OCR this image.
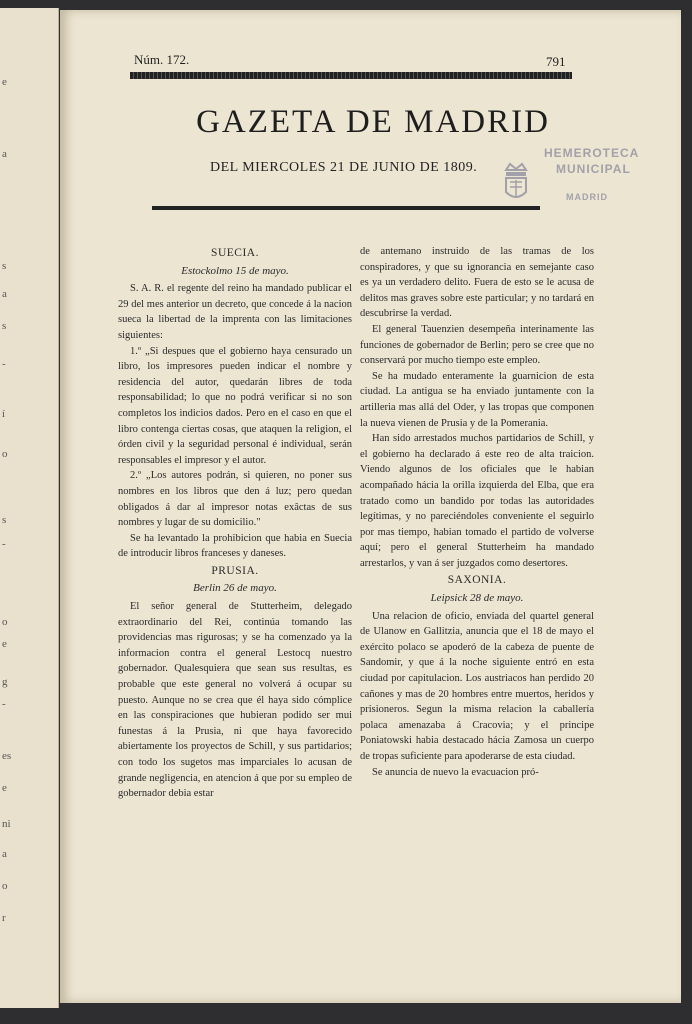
e
a
s
a
s
-
í
o
s
-
o
e
g
-
es
e
ni
a
o
r
Núm. 172.	791
GAZETA DE MADRID
DEL MIERCOLES 21 DE JUNIO DE 1809.
HEMEROTECA
MUNICIPAL
MADRID

SUECIA.

Estockolmo 15 de mayo.

S. A. R. el regente del reino ha mandado publicar el 29 del mes anterior un decreto, que concede á la nacion sueca la libertad de la imprenta con las limitaciones siguientes:

1.º „Si despues que el gobierno haya censurado un libro, los impresores pueden indicar el nombre y residencia del autor, quedarán libres de toda responsabilidad; lo que no podrá verificar si no son completos los indicios dados. Pero en el caso en que el libro contenga ciertas cosas, que ataquen la religion, el órden civil y la seguridad personal é individual, serán responsables el impresor y el autor.

2.º „Los autores podrán, si quieren, no poner sus nombres en los libros que den á luz; pero quedan obligados á dar al impresor notas exâctas de sus nombres y lugar de su domicilio."

Se ha levantado la prohibicion que habia en Suecia de introducir libros franceses y daneses.

PRUSIA.

Berlin 26 de mayo.

El señor general de Stutterheim, delegado extraordinario del Rei, continúa tomando las providencias mas rigurosas; y se ha comenzado ya la informacion contra el general Lestocq nuestro gobernador. Qualesquiera que sean sus resultas, es probable que este general no volverá á ocupar su puesto. Aunque no se crea que él haya sido cómplice en las conspiraciones que hubieran podido ser mui funestas á la Prusia, ni que haya favorecido abiertamente los proyectos de Schill, y sus partidarios; con todo los sugetos mas imparciales lo acusan de grande negligencia, en atencion á que por su empleo de gobernador debia estar

de antemano instruido de las tramas de los conspiradores, y que su ignorancia en semejante caso es ya un verdadero delito. Fuera de esto se le acusa de delitos mas graves sobre este particular; y no tardará en descubrirse la verdad.

El general Tauenzien desempeña interinamente las funciones de gobernador de Berlin; pero se cree que no conservará por mucho tiempo este empleo.

Se ha mudado enteramente la guarnicion de esta ciudad. La antigua se ha enviado juntamente con la artilleria mas allá del Oder, y las tropas que componen la nueva vienen de Prusia y de la Pomerania.

Han sido arrestados muchos partidarios de Schill, y el gobierno ha declarado á este reo de alta traicion. Viendo algunos de los oficiales que le habian acompañado hácia la orilla izquierda del Elba, que era tratado como un bandido por todas las autoridades legítimas, y no pareciéndoles conveniente el seguirlo por mas tiempo, habian tomado el partido de volverse aquí; pero el general Stutterheim ha mandado arrestarlos, y van á ser juzgados como desertores.

SAXONIA.

Leipsick 28 de mayo.

Una relacion de oficio, enviada del quartel general de Ulanow en Gallitzia, anuncia que el 18 de mayo el exército polaco se apoderó de la cabeza de puente de Sandomir, y que á la noche siguiente entró en esta ciudad por capitulacion. Los austriacos han perdido 20 cañones y mas de 20 hombres entre muertos, heridos y prisioneros. Segun la misma relacion la caballería polaca amenazaba á Cracovia; y el principe Poniatowski habia destacado hácia Zamosa un cuerpo de tropas suficiente para apoderarse de esta ciudad.

Se anuncia de nuevo la evacuacion pró-
